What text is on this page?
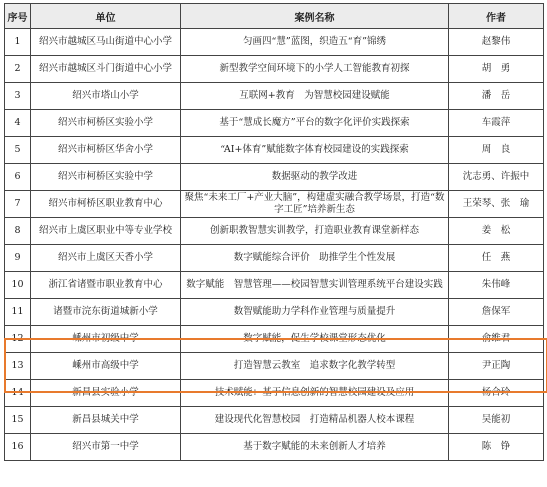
序号	单位	案例名称	作者
1	绍兴市越城区马山街道中心小学	匀画四“慧”蓝图，织造五“育”锦绣	赵黎伟
2	绍兴市越城区斗门街道中心小学	新型教学空间环境下的小学人工智能教育初探	胡　勇
3	绍兴市塔山小学	互联网+教育　为智慧校园建设赋能	潘　岳
4	绍兴市柯桥区实验小学	基于“慧成长魔方”平台的数字化评价实践探索	车霞萍
5	绍兴市柯桥区华舍小学	“AI+体育”赋能数字体育校园建设的实践探索	周　良
6	绍兴市柯桥区实验中学	数据驱动的教学改进	沈志勇、许振中
7	绍兴市柯桥区职业教育中心	聚焦“未来工厂+产业大脑”，构建虚实融合教学场景，打造“数字工匠”培养新生态	王荣琴、张　瑜
8	绍兴市上虞区职业中等专业学校	创新职教智慧实训教学，打造职业教育课堂新样态	姜　松
9	绍兴市上虞区天香小学	数字赋能综合评价　助推学生个性发展	任　燕
10	浙江省诸暨市职业教育中心	数字赋能　智慧管理——校园智慧实训管理系统平台建设实践	朱伟峰
11	诸暨市浣东街道城新小学	数智赋能助力学科作业管理与质量提升	詹保军
12	嵊州市初级中学	数字赋能，促生学校课堂形态优化	俞维君
13	嵊州市高级中学	打造智慧云教室　追求数字化教学转型	尹正陶
14	新昌县实验小学	技术赋能：基于信息创新的智慧校园建设及应用	杨合玲
15	新昌县城关中学	建设现代化智慧校园　打造精品机器人校本课程	吴能初
16	绍兴市第一中学	基于数字赋能的未来创新人才培养	陈　铮
